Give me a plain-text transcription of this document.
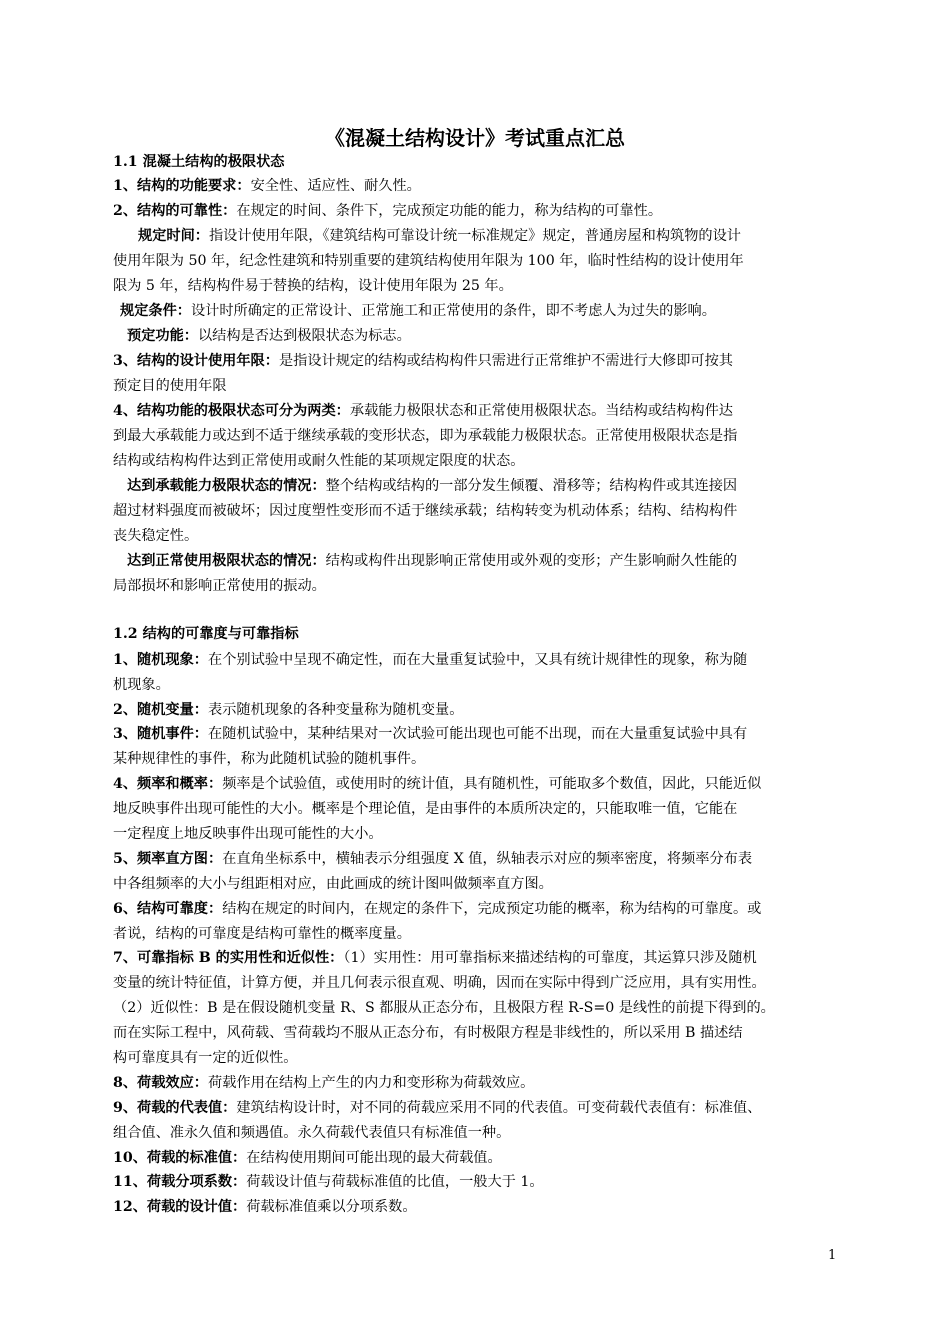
《混凝土结构设计》考试重点汇总
1.1 混凝土结构的极限状态
1、结构的功能要求：安全性、适应性、耐久性。
2、结构的可靠性：在规定的时间、条件下，完成预定功能的能力，称为结构的可靠性。
规定时间：指设计使用年限，《建筑结构可靠设计统一标准规定》规定，普通房屋和构筑物的设计
使用年限为 50 年，纪念性建筑和特别重要的建筑结构使用年限为 100 年，临时性结构的设计使用年
限为 5 年，结构构件易于替换的结构，设计使用年限为 25 年。
规定条件：设计时所确定的正常设计、正常施工和正常使用的条件，即不考虑人为过失的影响。
预定功能：以结构是否达到极限状态为标志。
3、结构的设计使用年限：是指设计规定的结构或结构构件只需进行正常维护不需进行大修即可按其
预定目的使用年限
4、结构功能的极限状态可分为两类：承载能力极限状态和正常使用极限状态。当结构或结构构件达
到最大承载能力或达到不适于继续承载的变形状态，即为承载能力极限状态。正常使用极限状态是指
结构或结构构件达到正常使用或耐久性能的某项规定限度的状态。
达到承载能力极限状态的情况：整个结构或结构的一部分发生倾覆、滑移等；结构构件或其连接因
超过材料强度而被破坏；因过度塑性变形而不适于继续承载；结构转变为机动体系；结构、结构构件
丧失稳定性。
达到正常使用极限状态的情况：结构或构件出现影响正常使用或外观的变形；产生影响耐久性能的
局部损坏和影响正常使用的振动。
1.2 结构的可靠度与可靠指标
1、随机现象：在个别试验中呈现不确定性，而在大量重复试验中，又具有统计规律性的现象，称为随
机现象。
2、随机变量：表示随机现象的各种变量称为随机变量。
3、随机事件：在随机试验中，某种结果对一次试验可能出现也可能不出现，而在大量重复试验中具有
某种规律性的事件，称为此随机试验的随机事件。
4、频率和概率：频率是个试验值，或使用时的统计值，具有随机性，可能取多个数值，因此，只能近似
地反映事件出现可能性的大小。概率是个理论值，是由事件的本质所决定的，只能取唯一值，它能在
一定程度上地反映事件出现可能性的大小。
5、频率直方图：在直角坐标系中，横轴表示分组强度 X 值，纵轴表示对应的频率密度，将频率分布表
中各组频率的大小与组距相对应，由此画成的统计图叫做频率直方图。
6、结构可靠度：结构在规定的时间内，在规定的条件下，完成预定功能的概率，称为结构的可靠度。或
者说，结构的可靠度是结构可靠性的概率度量。
7、可靠指标 B 的实用性和近似性：（1）实用性：用可靠指标来描述结构的可靠度，其运算只涉及随机
变量的统计特征值，计算方便，并且几何表示很直观、明确，因而在实际中得到广泛应用，具有实用性。
（2）近似性：B 是在假设随机变量 R、S 都服从正态分布，且极限方程 R-S=0 是线性的前提下得到的。
而在实际工程中，风荷载、雪荷载均不服从正态分布，有时极限方程是非线性的，所以采用 B 描述结
构可靠度具有一定的近似性。
8、荷载效应：荷载作用在结构上产生的内力和变形称为荷载效应。
9、荷载的代表值：建筑结构设计时，对不同的荷载应采用不同的代表值。可变荷载代表值有：标准值、
组合值、准永久值和频遇值。永久荷载代表值只有标准值一种。
10、荷载的标准值：在结构使用期间可能出现的最大荷载值。
11、荷载分项系数：荷载设计值与荷载标准值的比值，一般大于 1。
12、荷载的设计值：荷载标准值乘以分项系数。
1
